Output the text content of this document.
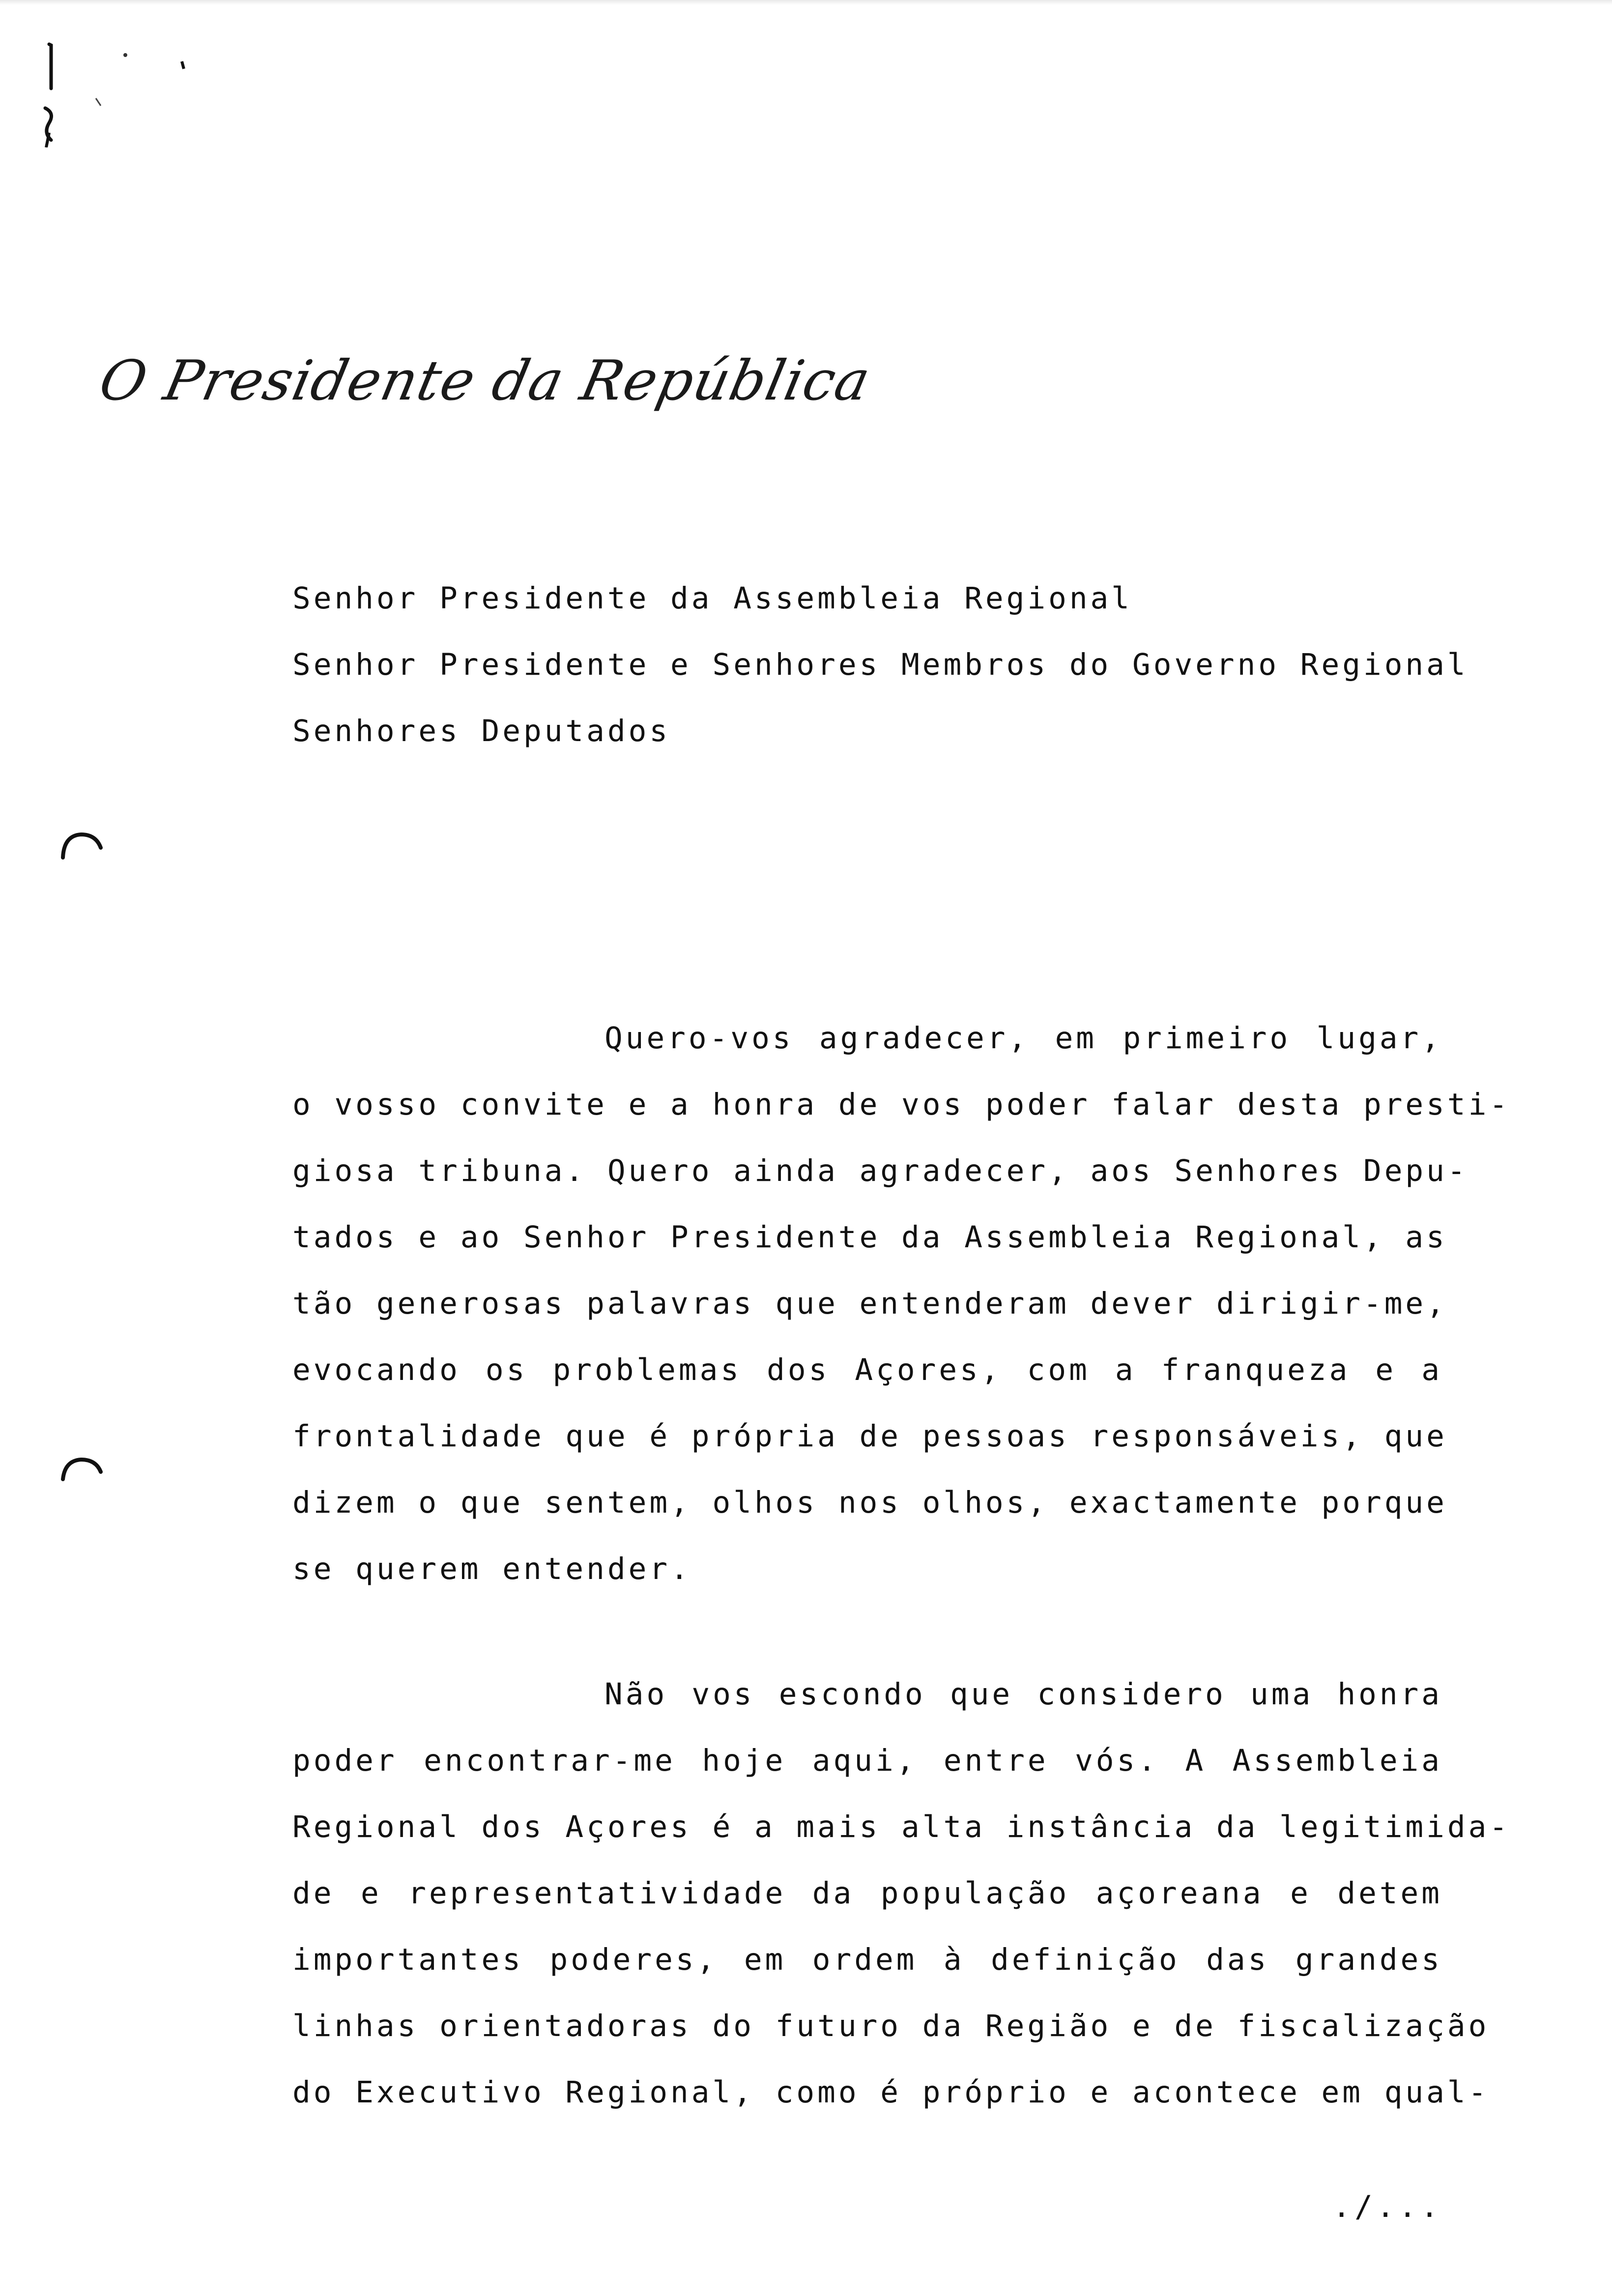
O Presidente da República
Senhor Presidente da Assembleia Regional
Senhor Presidente e Senhores Membros do Governo Regional
Senhores Deputados
Quero-vos agradecer, em primeiro lugar,
o vosso convite e a honra de vos poder falar desta presti-
giosa tribuna. Quero ainda agradecer, aos Senhores Depu-
tados e ao Senhor Presidente da Assembleia Regional, as
tão generosas palavras que entenderam dever dirigir-me,
evocando os problemas dos Açores, com a franqueza e a
frontalidade que é própria de pessoas responsáveis, que
dizem o que sentem, olhos nos olhos, exactamente porque
se querem entender.
Não vos escondo que considero uma honra
poder encontrar-me hoje aqui, entre vós. A Assembleia
Regional dos Açores é a mais alta instância da legitimida-
de e representatividade da população açoreana e detem
importantes poderes, em ordem à definição das grandes
linhas orientadoras do futuro da Região e de fiscalização
do Executivo Regional, como é próprio e acontece em qual-
./...
